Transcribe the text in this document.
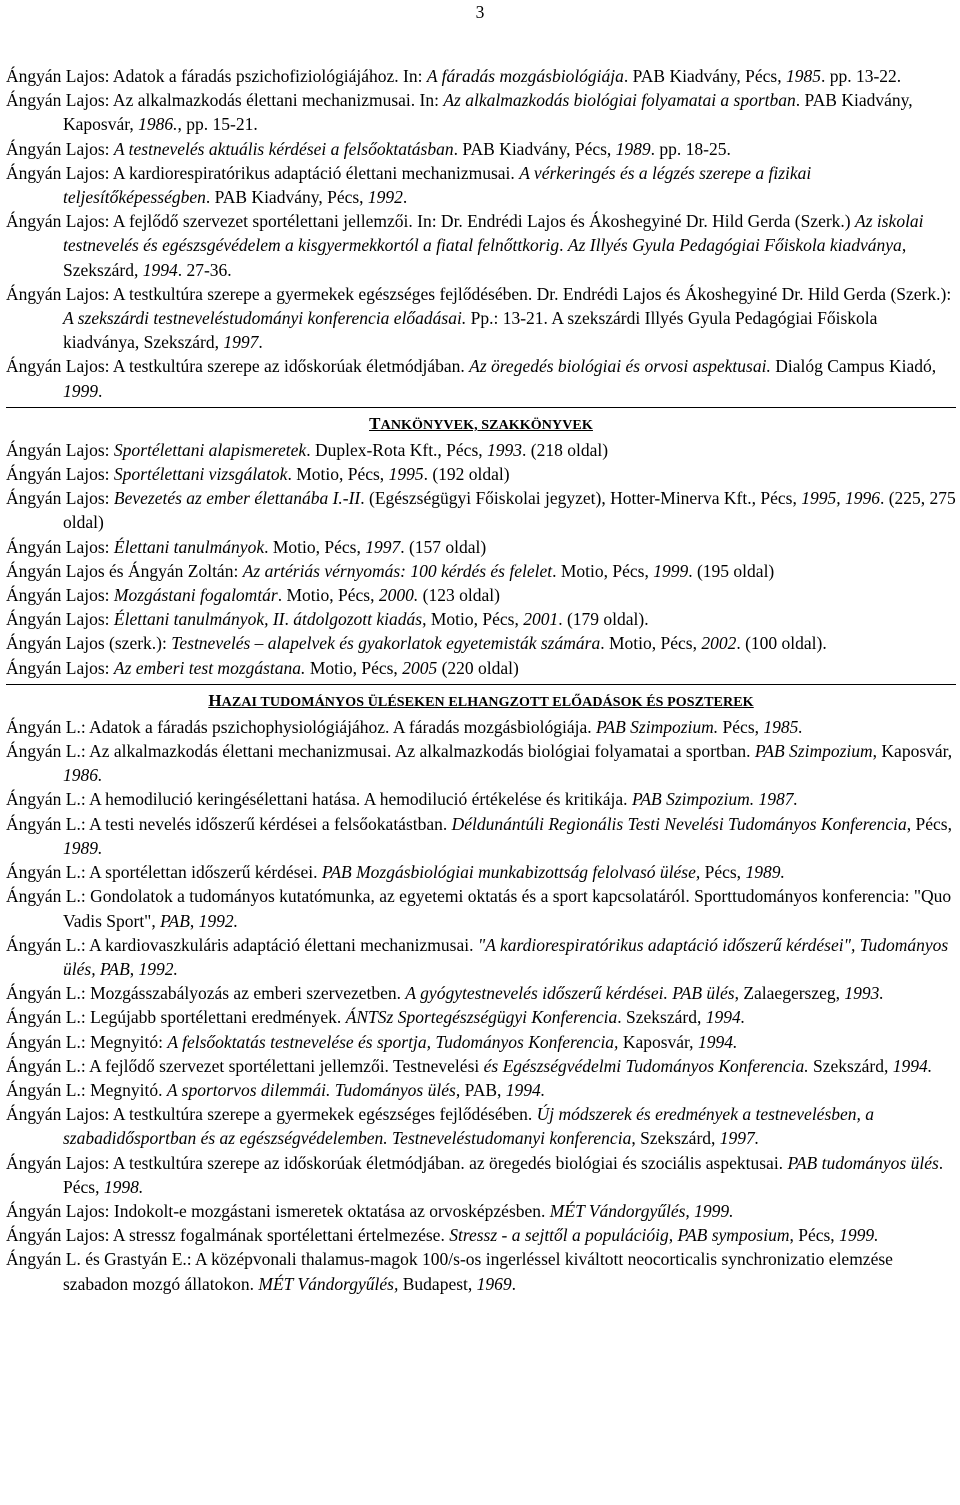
3

Ángyán Lajos: Adatok a fáradás pszichofiziológiájához. In: A fáradás mozgásbiológiája. PAB Kiadvány, Pécs, 1985. pp. 13-22.

Ángyán Lajos: Az alkalmazkodás élettani mechanizmusai. In: Az alkalmazkodás biológiai folyamatai a sportban. PAB Kiadvány, Kaposvár, 1986., pp. 15-21.

Ángyán Lajos: A testnevelés aktuális kérdései a felsőoktatásban. PAB Kiadvány, Pécs, 1989. pp. 18-25.

Ángyán Lajos: A kardiorespiratórikus adaptáció élettani mechanizmusai. A vérkeringés és a légzés szerepe a fizikai teljesítőképességben. PAB Kiadvány, Pécs, 1992.

Ángyán Lajos: A fejlődő szervezet sportélettani jellemzői. In: Dr. Endrédi Lajos és Ákoshegyiné Dr. Hild Gerda (Szerk.) Az iskolai testnevelés és egészsgévédelem a kisgyermekkortól a fiatal felnőttkorig. Az Illyés Gyula Pedagógiai Főiskola kiadványa, Szekszárd, 1994. 27-36.

Ángyán Lajos: A testkultúra szerepe a gyermekek egészséges fejlődésében. Dr. Endrédi Lajos és Ákoshegyiné Dr. Hild Gerda (Szerk.): A szekszárdi testneveléstudományi konferencia előadásai. Pp.: 13-21. A szekszárdi Illyés Gyula Pedagógiai Főiskola kiadványa, Szekszárd, 1997.

Ángyán Lajos: A testkultúra szerepe az időskorúak életmódjában. Az öregedés biológiai és orvosi aspektusai. Dialóg Campus Kiadó, 1999.

TANKÖNYVEK, SZAKKÖNYVEK

Ángyán Lajos: Sportélettani alapismeretek. Duplex-Rota Kft., Pécs, 1993. (218 oldal)

Ángyán Lajos: Sportélettani vizsgálatok. Motio, Pécs, 1995. (192 oldal)

Ángyán Lajos: Bevezetés az ember élettanába I.-II. (Egészségügyi Főiskolai jegyzet), Hotter-Minerva Kft., Pécs, 1995, 1996. (225, 275 oldal)

Ángyán Lajos: Élettani tanulmányok. Motio, Pécs, 1997. (157 oldal)

Ángyán Lajos és Ángyán Zoltán: Az artériás vérnyomás: 100 kérdés és felelet. Motio, Pécs, 1999. (195 oldal)

Ángyán Lajos: Mozgástani fogalomtár. Motio, Pécs, 2000. (123 oldal)

Ángyán Lajos: Élettani tanulmányok, II. átdolgozott kiadás, Motio, Pécs, 2001. (179 oldal).

Ángyán Lajos (szerk.): Testnevelés – alapelvek és gyakorlatok egyetemisták számára. Motio, Pécs, 2002. (100 oldal).

Ángyán Lajos: Az emberi test mozgástana. Motio, Pécs, 2005 (220 oldal)

HAZAI TUDOMÁNYOS ÜLÉSEKEN ELHANGZOTT ELŐADÁSOK ÉS POSZTEREK

Ángyán L.: Adatok a fáradás pszichophysiológiájához. A fáradás mozgásbiológiája. PAB Szimpozium. Pécs, 1985.

Ángyán L.: Az alkalmazkodás élettani mechanizmusai. Az alkalmazkodás biológiai folyamatai a sportban. PAB Szimpozium, Kaposvár, 1986.

Ángyán L.: A hemodilució keringésélettani hatása. A hemodilució értékelése és kritikája. PAB Szimpozium. 1987.

Ángyán L.: A testi nevelés időszerű kérdései a felsőokatástban. Déldunántúli Regionális Testi Nevelési Tudományos Konferencia, Pécs, 1989.

Ángyán L.: A sportélettan időszerű kérdései. PAB Mozgásbiológiai munkabizottság felolvasó ülése, Pécs, 1989.

Ángyán L.: Gondolatok a tudományos kutatómunka, az egyetemi oktatás és a sport kapcsolatáról. Sporttudományos konferencia: "Quo Vadis Sport", PAB, 1992.

Ángyán L.: A kardiovaszkuláris adaptáció élettani mechanizmusai. "A kardiorespiratórikus adaptáció időszerű kérdései", Tudományos ülés, PAB, 1992.

Ángyán L.: Mozgásszabályozás az emberi szervezetben. A gyógytestnevelés időszerű kérdései. PAB ülés, Zalaegerszeg, 1993.

Ángyán L.: Legújabb sportélettani eredmények. ÁNTSz Sportegészségügyi Konferencia. Szekszárd, 1994.

Ángyán L.: Megnyitó: A felsőoktatás testnevelése és sportja, Tudományos Konferencia, Kaposvár, 1994.

Ángyán L.: A fejlődő szervezet sportélettani jellemzői. Testnevelési és Egészségvédelmi Tudományos Konferencia. Szekszárd, 1994.

Ángyán L.: Megnyitó. A sportorvos dilemmái. Tudományos ülés, PAB, 1994.

Ángyán Lajos: A testkultúra szerepe a gyermekek egészséges fejlődésében. Új módszerek és eredmények a testnevelésben, a szabadidősportban és az egészségvédelemben. Testneveléstudomanyi konferencia, Szekszárd, 1997.

Ángyán Lajos: A testkultúra szerepe az időskorúak életmódjában. az öregedés biológiai és szociális aspektusai. PAB tudományos ülés. Pécs, 1998.

Ángyán Lajos: Indokolt-e mozgástani ismeretek oktatása az orvosképzésben. MÉT Vándorgyűlés, 1999.

Ángyán Lajos: A stressz fogalmának sportélettani értelmezése. Stressz - a sejttől a populációig, PAB symposium, Pécs, 1999.

Ángyán L. és Grastyán E.: A középvonali thalamus-magok 100/s-os ingerléssel kiváltott neocorticalis synchronizatio elemzése szabadon mozgó állatokon. MÉT Vándorgyűlés, Budapest, 1969.
